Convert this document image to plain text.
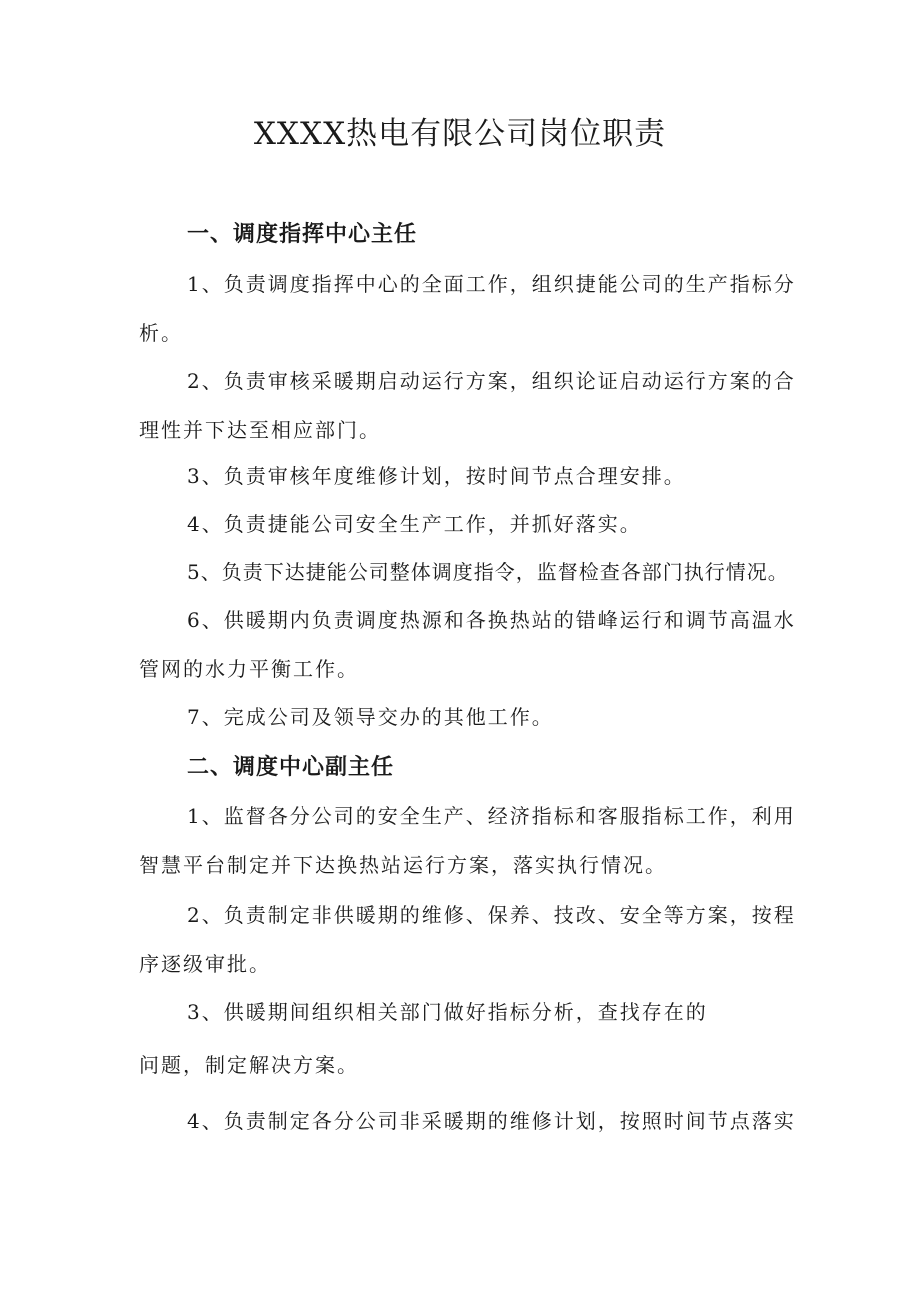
XXXX热电有限公司岗位职责
一、调度指挥中心主任
1、负责调度指挥中心的全面工作，组织捷能公司的生产指标分
析。
2、负责审核采暖期启动运行方案，组织论证启动运行方案的合
理性并下达至相应部门。
3、负责审核年度维修计划，按时间节点合理安排。
4、负责捷能公司安全生产工作，并抓好落实。
5、负责下达捷能公司整体调度指令，监督检查各部门执行情况。
6、供暖期内负责调度热源和各换热站的错峰运行和调节高温水
管网的水力平衡工作。
7、完成公司及领导交办的其他工作。
二、调度中心副主任
1、监督各分公司的安全生产、经济指标和客服指标工作，利用
智慧平台制定并下达换热站运行方案，落实执行情况。
2、负责制定非供暖期的维修、保养、技改、安全等方案，按程
序逐级审批。
3、供暖期间组织相关部门做好指标分析，查找存在的
问题，制定解决方案。
4、负责制定各分公司非采暖期的维修计划，按照时间节点落实
